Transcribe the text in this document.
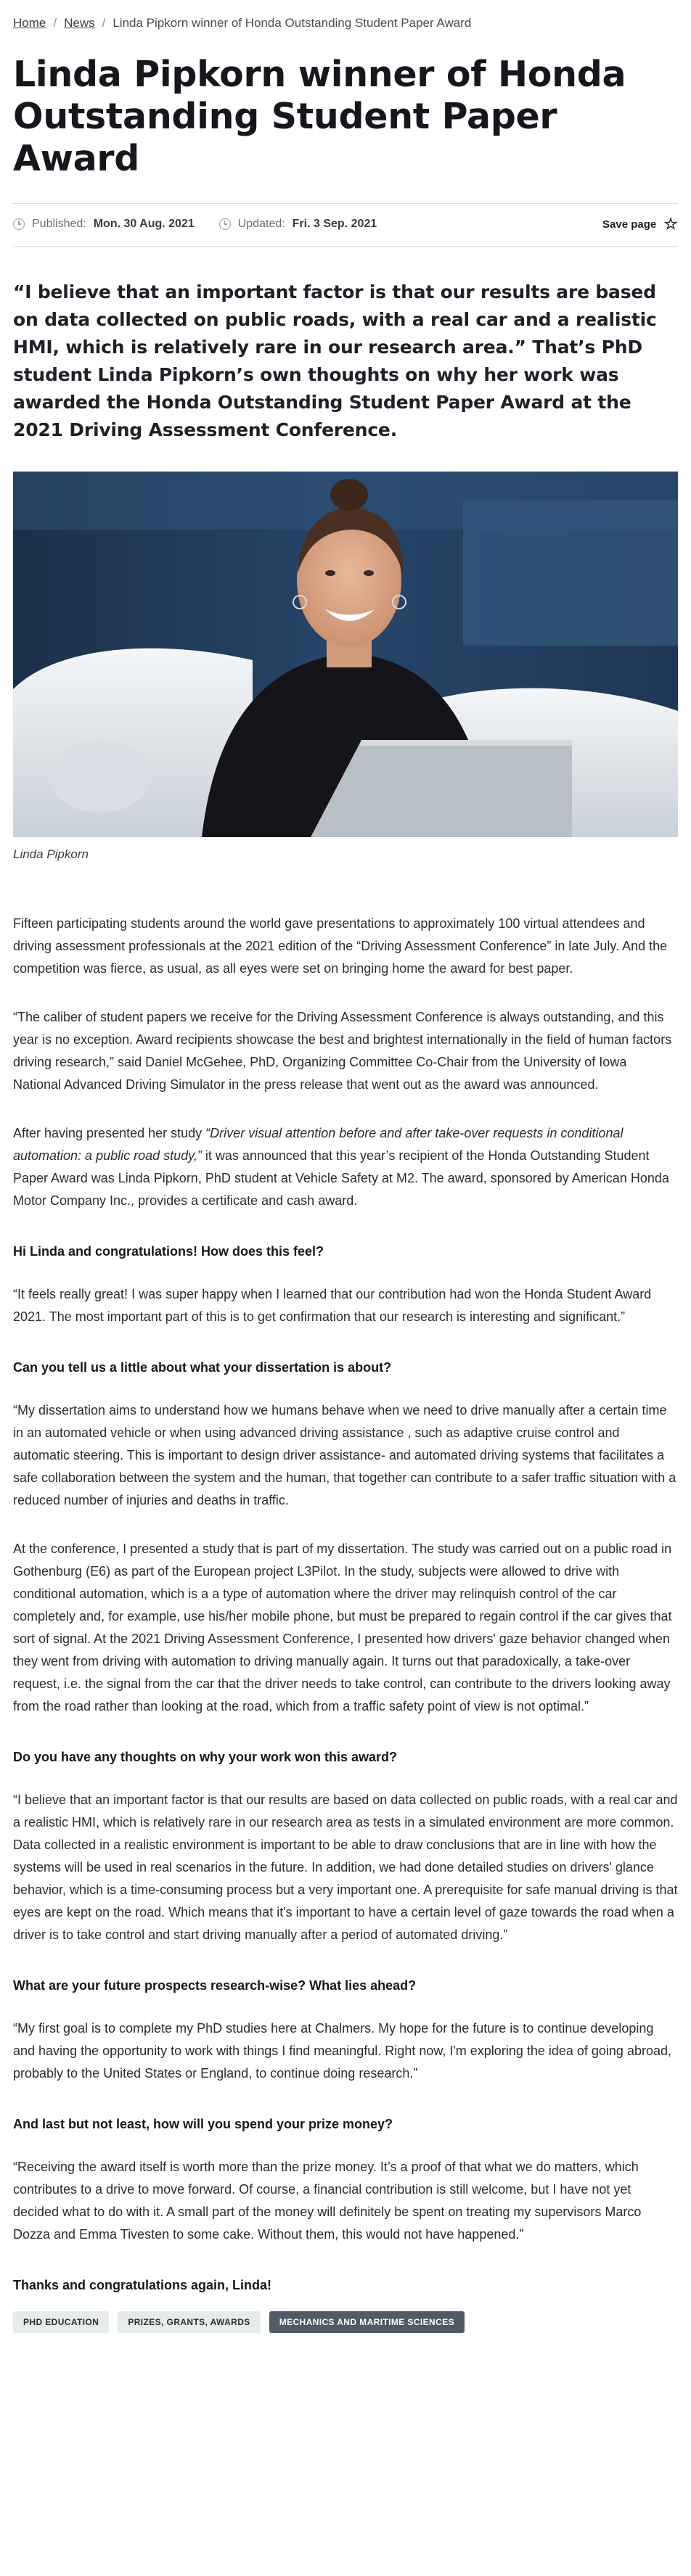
Home / News / Linda Pipkorn winner of Honda Outstanding Student Paper Award
Linda Pipkorn winner of Honda Outstanding Student Paper Award
Published: Mon. 30 Aug. 2021	Updated: Fri. 3 Sep. 2021	Save page ☆

“I believe that an important factor is that our results are based on data collected on public roads, with a real car and a realistic HMI, which is relatively rare in our research area.” That’s PhD student Linda Pipkorn’s own thoughts on why her work was awarded the Honda Outstanding Student Paper Award at the 2021 Driving Assessment Conference.

Linda Pipkorn

Fifteen participating students around the world gave presentations to approximately 100 virtual attendees and driving assessment professionals at the 2021 edition of the “Driving Assessment Conference” in late July. And the competition was fierce, as usual, as all eyes were set on bringing home the award for best paper.

“The caliber of student papers we receive for the Driving Assessment Conference is always outstanding, and this year is no exception. Award recipients showcase the best and brightest internationally in the field of human factors driving research,” said Daniel McGehee, PhD, Organizing Committee Co-Chair from the University of Iowa National Advanced Driving Simulator in the press release that went out as the award was announced.

After having presented her study “Driver visual attention before and after take-over requests in conditional automation: a public road study,” it was announced that this year’s recipient of the Honda Outstanding Student Paper Award was Linda Pipkorn, PhD student at Vehicle Safety at M2. The award, sponsored by American Honda Motor Company Inc., provides a certificate and cash award.

Hi Linda and congratulations! How does this feel?

“It feels really great! I was super happy when I learned that our contribution had won the Honda Student Award 2021. The most important part of this is to get confirmation that our research is interesting and significant.”

Can you tell us a little about what your dissertation is about?

“My dissertation aims to understand how we humans behave when we need to drive manually after a certain time in an automated vehicle or when using advanced driving assistance , such as adaptive cruise control and automatic steering. This is important to design driver assistance- and automated driving systems that facilitates a safe collaboration between the system and the human, that together can contribute to a safer traffic situation with a reduced number of injuries and deaths in traffic.

At the conference, I presented a study that is part of my dissertation. The study was carried out on a public road in Gothenburg (E6) as part of the European project L3Pilot. In the study, subjects were allowed to drive with conditional automation, which is a a type of automation where the driver may relinquish control of the car completely and, for example, use his/her mobile phone, but must be prepared to regain control if the car gives that sort of signal. At the 2021 Driving Assessment Conference, I presented how drivers' gaze behavior changed when they went from driving with automation to driving manually again. It turns out that paradoxically, a take-over request, i.e. the signal from the car that the driver needs to take control, can contribute to the drivers looking away from the road rather than looking at the road, which from a traffic safety point of view is not optimal.”

Do you have any thoughts on why your work won this award?

“I believe that an important factor is that our results are based on data collected on public roads, with a real car and a realistic HMI, which is relatively rare in our research area as tests in a simulated environment are more common. Data collected in a realistic environment is important to be able to draw conclusions that are in line with how the systems will be used in real scenarios in the future. In addition, we had done detailed studies on drivers' glance behavior, which is a time-consuming process but a very important one. A prerequisite for safe manual driving is that eyes are kept on the road. Which means that it's important to have a certain level of gaze towards the road when a driver is to take control and start driving manually after a period of automated driving.”

What are your future prospects research-wise? What lies ahead?

“My first goal is to complete my PhD studies here at Chalmers. My hope for the future is to continue developing and having the opportunity to work with things I find meaningful. Right now, I'm exploring the idea of going abroad, probably to the United States or England, to continue doing research.”

And last but not least, how will you spend your prize money?

“Receiving the award itself is worth more than the prize money. It’s a proof of that what we do matters, which contributes to a drive to move forward. Of course, a financial contribution is still welcome, but I have not yet decided what to do with it. A small part of the money will definitely be spent on treating my supervisors Marco Dozza and Emma Tivesten to some cake. Without them, this would not have happened.”

Thanks and congratulations again, Linda!
PHD EDUCATION	PRIZES, GRANTS, AWARDS	MECHANICS AND MARITIME SCIENCES
